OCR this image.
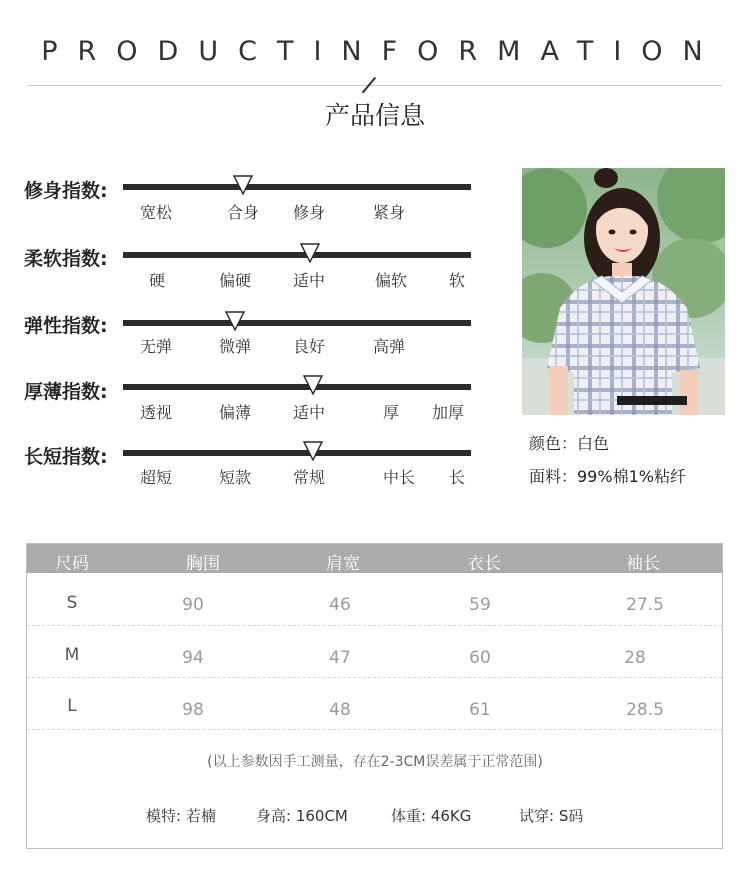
PRODUCTINFORMATION
产品信息
修身指数:
宽松	合身 修身	紧身
柔软指数:
硬	偏硬	适中	偏软	软
弹性指数:
无弹	微弹	良好	高弹
厚薄指数:
透视	偏薄	适中	厚 加厚
长短指数:
超短	短款	常规	中长 长
颜色：白色
面料：99%棉1%粘纤
尺码	胸围	肩宽	衣长	袖长
S	90	46	59	27.5
M	94	47	60	28
L	98	48	61	28.5
(以上参数因手工测量，存在2-3CM误差属于正常范围)
模特: 若楠	身高: 160CM	体重: 46KG	试穿: S码
